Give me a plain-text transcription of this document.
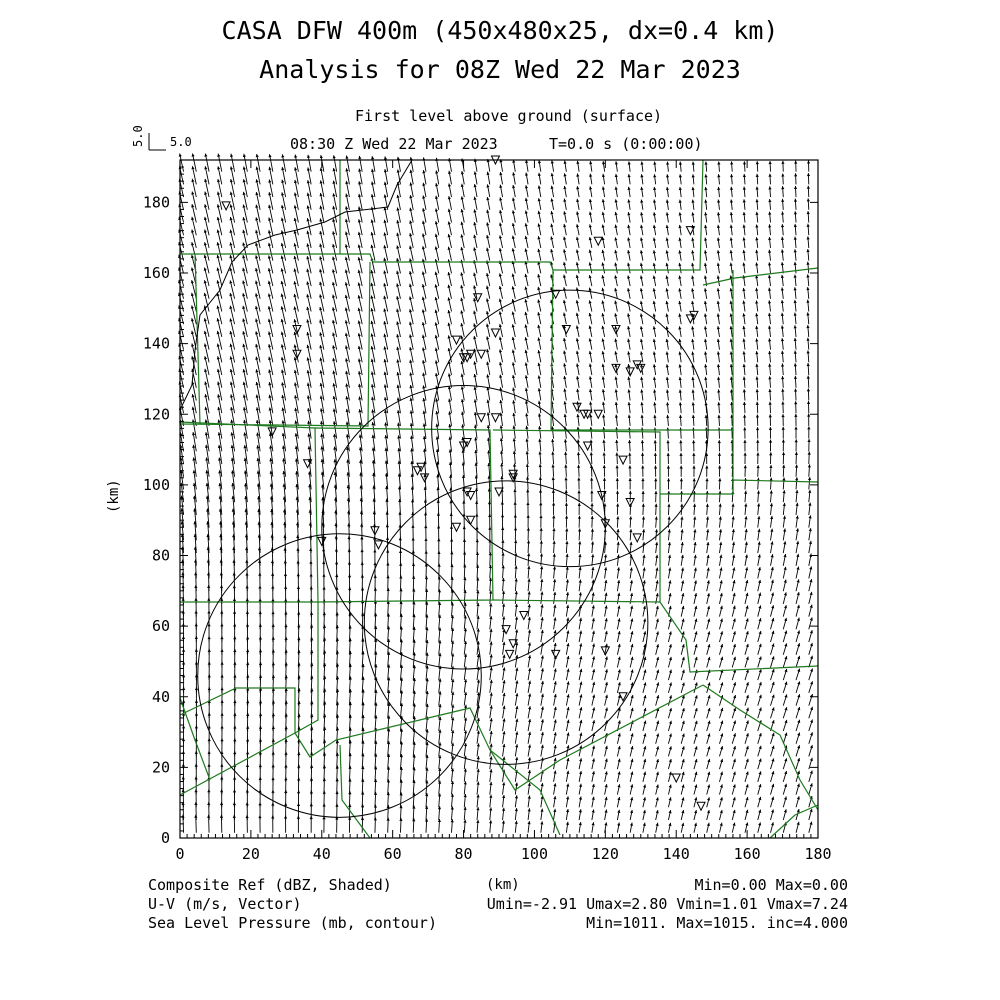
CASA DFW 400m (450x480x25, dx=0.4 km)
Analysis for 08Z Wed 22 Mar 2023
First level above ground (surface)
08:30 Z Wed 22 Mar 2023	T=0.0 s (0:00:00)
5.0 5.0
(km)
(km)
0	20	40	60	80	100	120	140	160	180
0
20
40
60
80
100
120
140
160
180
Composite Ref (dBZ, Shaded)
U-V (m/s, Vector)
Sea Level Pressure (mb, contour)
Min=0.00 Max=0.00
Umin=-2.91 Umax=2.80 Vmin=1.01 Vmax=7.24
Min=1011. Max=1015. inc=4.000
